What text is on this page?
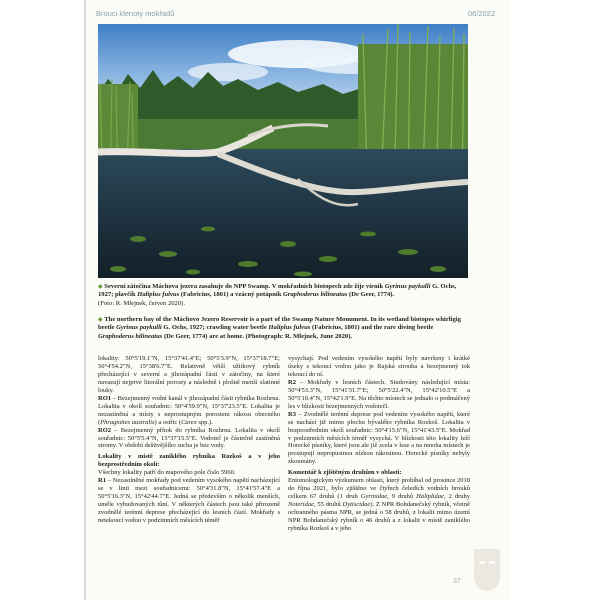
Brouci klenoty mokřadů	06/2022
◆ Severní zátočina Máchova jezera zasahuje do NPP Swamp. V mokřadních biotopech zde žije vírník Gyrinus paykulli G. Ochs, 1927; plavčík Haliplus fulvus (Fabricius, 1801) a vzácný potápník Graphoderus bilineatus (De Geer, 1774).
(Foto: R. Mlejnek, červen 2020).
◆ The northern bay of the Máchovo Jezero Reservoir is a part of the Swamp Nature Monument. In its wetland biotopes whirligig beetle Gyrinus paykulli G. Ochs, 1927; crawling water beetle Haliplus fulvus (Fabricius, 1801) and the rare diving beetle Graphoderus bilineatus (De Geer, 1774) are at home. (Photograph: R. Mlejnek, June 2020).

lokality: 50°5'19.1"N, 15°37'41.4"E; 50°5'3.9"N, 15°37'18.7"E; 50°4'54.2"N, 15°38'6.7"E. Relativně větší užitkový rybník přecházející v severní a jihozápadní části v zátočiny, na které navazují nejprve litorální porosty a následně i plošně menší slatinné louky.

RO1 – Bezejmenný vodní kanál v jihozápadní části rybníka Rozhrna. Lokalita v okolí souřadnic: 50°4'59.9"N, 15°37'23.5"E. Lokalita je nezastíněná a místy s neprostupným porostem rákosu obecného (Phragmites australis) a ostřic (Carex spp.).

RO2 – Bezejmenný přítok do rybníka Rozhrna. Lokalita v okolí souřadnic: 50°5'5.4"N, 15°37'15.5"E. Vodoteč je částečně zastíněná stromy. V období deštivějšího sucha je bez vody.

Lokality v místě zaniklého rybníka Rozkoš a v jeho bezprostředním okolí:

Všechny lokality patří do mapového pole číslo 5960.

R1 – Nezastíněné mokřady pod vedením vysokého napětí nacházející se v linii mezi souřadnicemi: 50°4'31.8"N, 15°41'57.4"E a 50°5'16.3"N, 15°42'44.7"E. Jedná se především o několik menších, uměle vybudovaných tůní. V některých částech jsou také přirozeně zvodnělé terénní deprese přecházející do lesních částí. Mokřady s netekoucí vodou v podzimních měsících téměř

vysychají. Pod vedením vysokého napětí byly navršeny i krátké úseky s tekoucí vodou jako je Rajská strouha a bezejmenný tok tekoucí do ní.

R2 – Mokřady v lesních částech. Studovány následující místa: 50°4'53.3"N, 15°41'31.7"E; 50°5'22.4"N, 15°42'10.5"E a 50°5'10.4"N, 15°42'1.9"E. Na těchto místech se jednalo o podmáčený les v blízkosti bezejmenných vodotečí.

R3 – Zvodnělé terénní deprese pod vedením vysokého napětí, které se nachází již mimo plochu bývalého rybníka Rozkoš. Lokalita v bezprostředním okolí souřadnic: 50°4'15.6"N, 15°41'43.5"E. Mokřad v podzimních měsících téměř vysychá. V blízkosti této lokality leží Horecké písníky, které jsou ale již zcela v lese a na mnoha místech je prostupují nepropustnou nízkou rákosinou. Horecké písníky nebyly zkoumány.

Komentář k zjištěným druhům v oblasti:

Entomologickým výzkumem oblasti, který probíhal od prosince 2018 do října 2021, bylo zjištěno ve čtyřech čeledích vodních brouků celkem 67 druhů (1 druh Gyrinidae, 9 druhů Haliplidae, 2 druhy Noteridae, 55 druhů Dytiscidae). Z NPR Bohdanečský rybník, včetně ochranného pásma NPR, se jedná o 58 druhů, z lokalit mimo území NPR Bohdanečský rybník o 46 druhů a z lokalit v místě zaniklého rybníka Rozkoš a v jeho

37
